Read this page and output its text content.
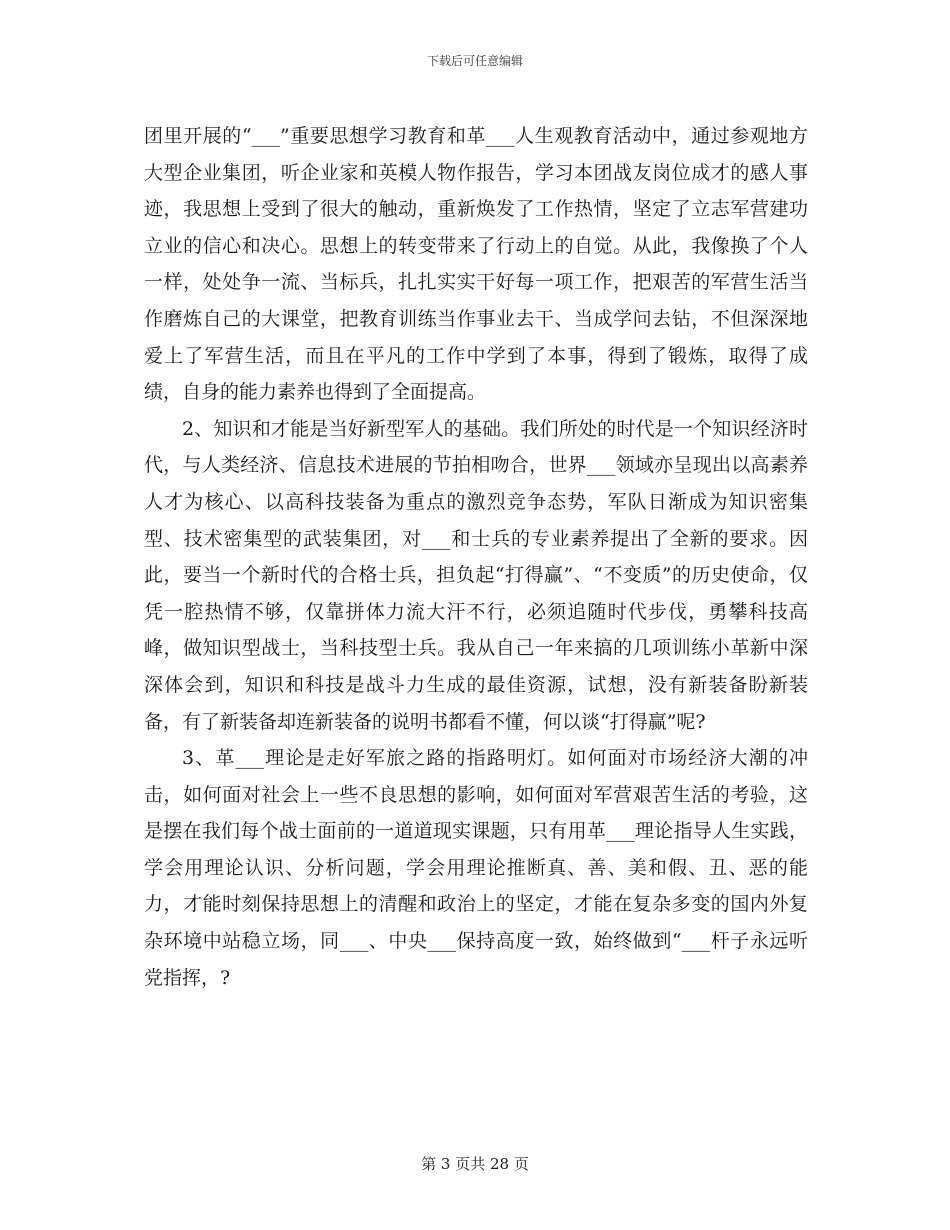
下载后可任意编辑

团里开展的“___”重要思想学习教育和革___人生观教育活动中，通过参观地方大型企业集团，听企业家和英模人物作报告，学习本团战友岗位成才的感人事迹，我思想上受到了很大的触动，重新焕发了工作热情，坚定了立志军营建功立业的信心和决心。思想上的转变带来了行动上的自觉。从此，我像换了个人一样，处处争一流、当标兵，扎扎实实干好每一项工作，把艰苦的军营生活当作磨炼自己的大课堂，把教育训练当作事业去干、当成学问去钻，不但深深地爱上了军营生活，而且在平凡的工作中学到了本事，得到了锻炼，取得了成绩，自身的能力素养也得到了全面提高。

2、知识和才能是当好新型军人的基础。我们所处的时代是一个知识经济时代，与人类经济、信息技术进展的节拍相吻合，世界___领域亦呈现出以高素养人才为核心、以高科技装备为重点的激烈竞争态势，军队日渐成为知识密集型、技术密集型的武装集团，对___和士兵的专业素养提出了全新的要求。因此，要当一个新时代的合格士兵，担负起“打得赢”、“不变质”的历史使命，仅凭一腔热情不够，仅靠拼体力流大汗不行，必须追随时代步伐，勇攀科技高峰，做知识型战士，当科技型士兵。我从自己一年来搞的几项训练小革新中深深体会到，知识和科技是战斗力生成的最佳资源，试想，没有新装备盼新装备，有了新装备却连新装备的说明书都看不懂，何以谈“打得赢”呢?

3、革___理论是走好军旅之路的指路明灯。如何面对市场经济大潮的冲击，如何面对社会上一些不良思想的影响，如何面对军营艰苦生活的考验，这是摆在我们每个战士面前的一道道现实课题，只有用革___理论指导人生实践，学会用理论认识、分析问题，学会用理论推断真、善、美和假、丑、恶的能力，才能时刻保持思想上的清醒和政治上的坚定，才能在复杂多变的国内外复杂环境中站稳立场，同___、中央___保持高度一致，始终做到“___杆子永远听党指挥，?

第 3 页共 28 页
